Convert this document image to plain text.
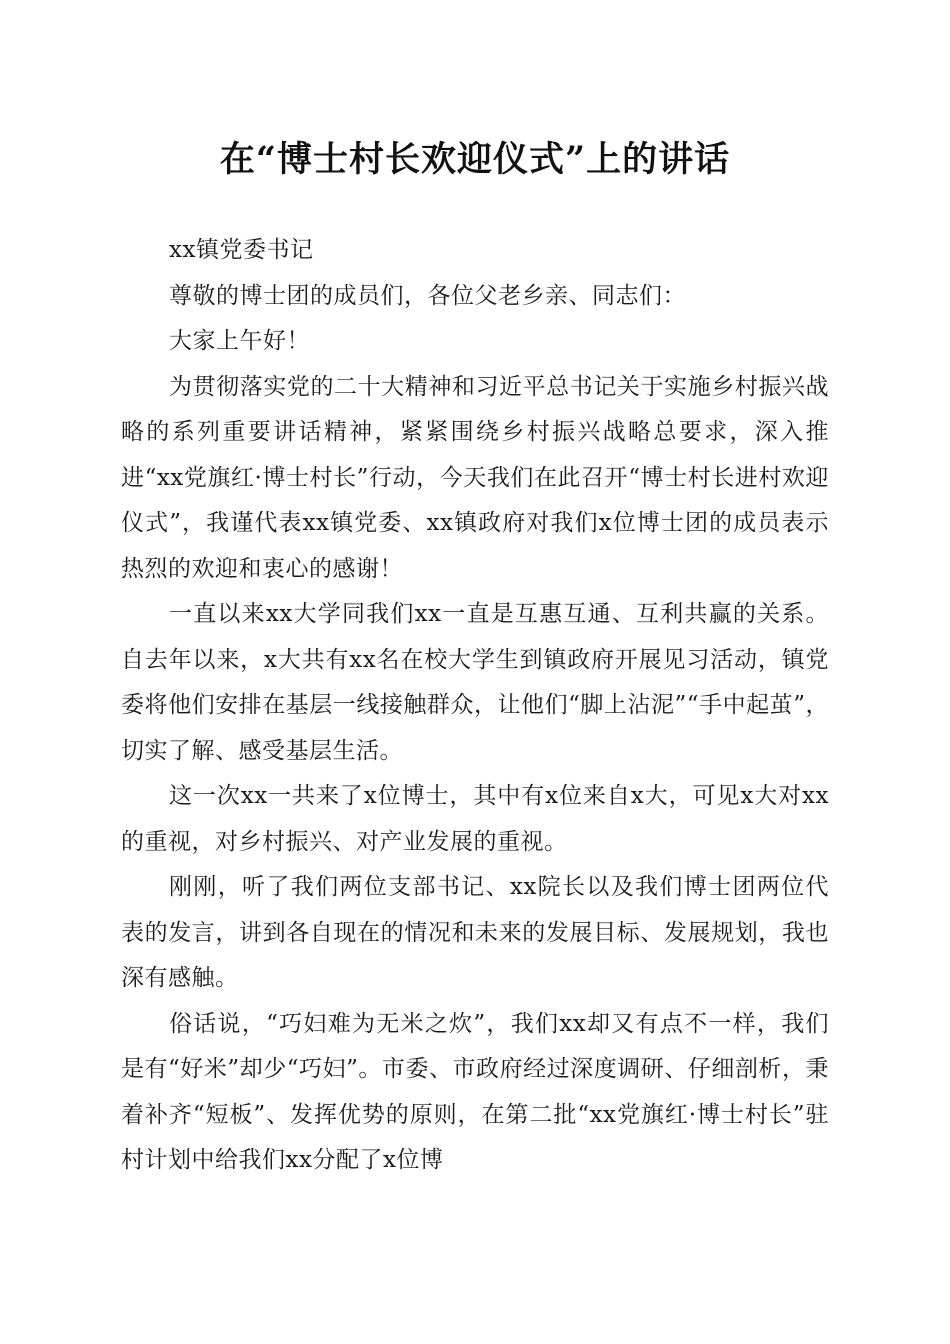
在“博士村长欢迎仪式”上的讲话

xx镇党委书记

尊敬的博士团的成员们，各位父老乡亲、同志们：

大家上午好！

为贯彻落实党的二十大精神和习近平总书记关于实施乡村振兴战略的系列重要讲话精神，紧紧围绕乡村振兴战略总要求，深入推进“xx党旗红·博士村长”行动，今天我们在此召开“博士村长进村欢迎仪式”，我谨代表xx镇党委、xx镇政府对我们x位博士团的成员表示热烈的欢迎和衷心的感谢！

一直以来xx大学同我们xx一直是互惠互通、互利共赢的关系。自去年以来，x大共有xx名在校大学生到镇政府开展见习活动，镇党委将他们安排在基层一线接触群众，让他们“脚上沾泥”“手中起茧”，切实了解、感受基层生活。

这一次xx一共来了x位博士，其中有x位来自x大，可见x大对xx的重视，对乡村振兴、对产业发展的重视。

刚刚，听了我们两位支部书记、xx院长以及我们博士团两位代表的发言，讲到各自现在的情况和未来的发展目标、发展规划，我也深有感触。

俗话说，“巧妇难为无米之炊”，我们xx却又有点不一样，我们是有“好米”却少“巧妇”。市委、市政府经过深度调研、仔细剖析，秉着补齐“短板”、发挥优势的原则，在第二批“xx党旗红·博士村长”驻村计划中给我们xx分配了x位博
